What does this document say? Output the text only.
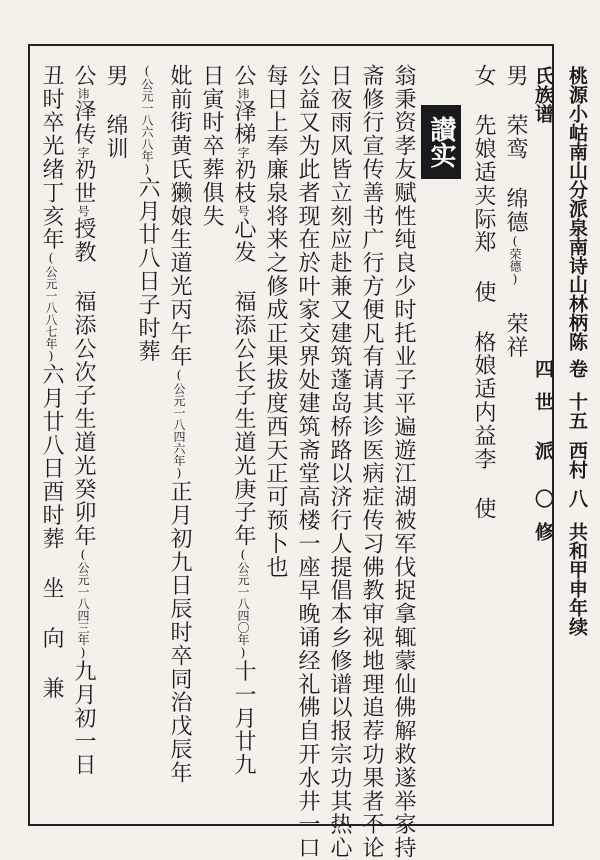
桃源小岵南山分派泉南诗山林柄陈氏族谱
卷四
十五世
西村派
八〇
共和甲申年续修
讃实
男 荣鸾 绵德(荣德) 荣祥
女 先娘适夹际郑 使 格娘适内益李 使
翁秉资孝友赋性纯良少时托业子平遍遊江湖被军伐捉拿辄蒙仙佛解救遂举家持
斋修行宣传善书广行方便凡有请其诊医病症传习佛教审视地理追荐功果者不论
日夜雨风皆立刻应赴兼又建筑蓬岛桥路以济行人提倡本乡修谱以报宗功其热心
公益又为此者现在於叶家交界处建筑斋堂高楼一座早晚诵经礼佛自开水井一口
每日上奉廉泉将来之修成正果拔度西天正可预卜也
公讳泽梯字礽枝号心发 福添公长子生道光庚子年(公元一八四〇年)十一月廿九
日寅时卒葬俱失
妣前街黄氏獭娘生道光丙午年(公元一八四六年)正月初九日辰时卒同治戊辰年
(公元一八六八年)六月廿八日子时葬
男 绵训
公讳泽传字礽世号授教 福添公次子生道光癸卯年(公元一八四三年)九月初一日
丑时卒光绪丁亥年(公元一八八七年)六月廿八日酉时葬 坐 向 兼
